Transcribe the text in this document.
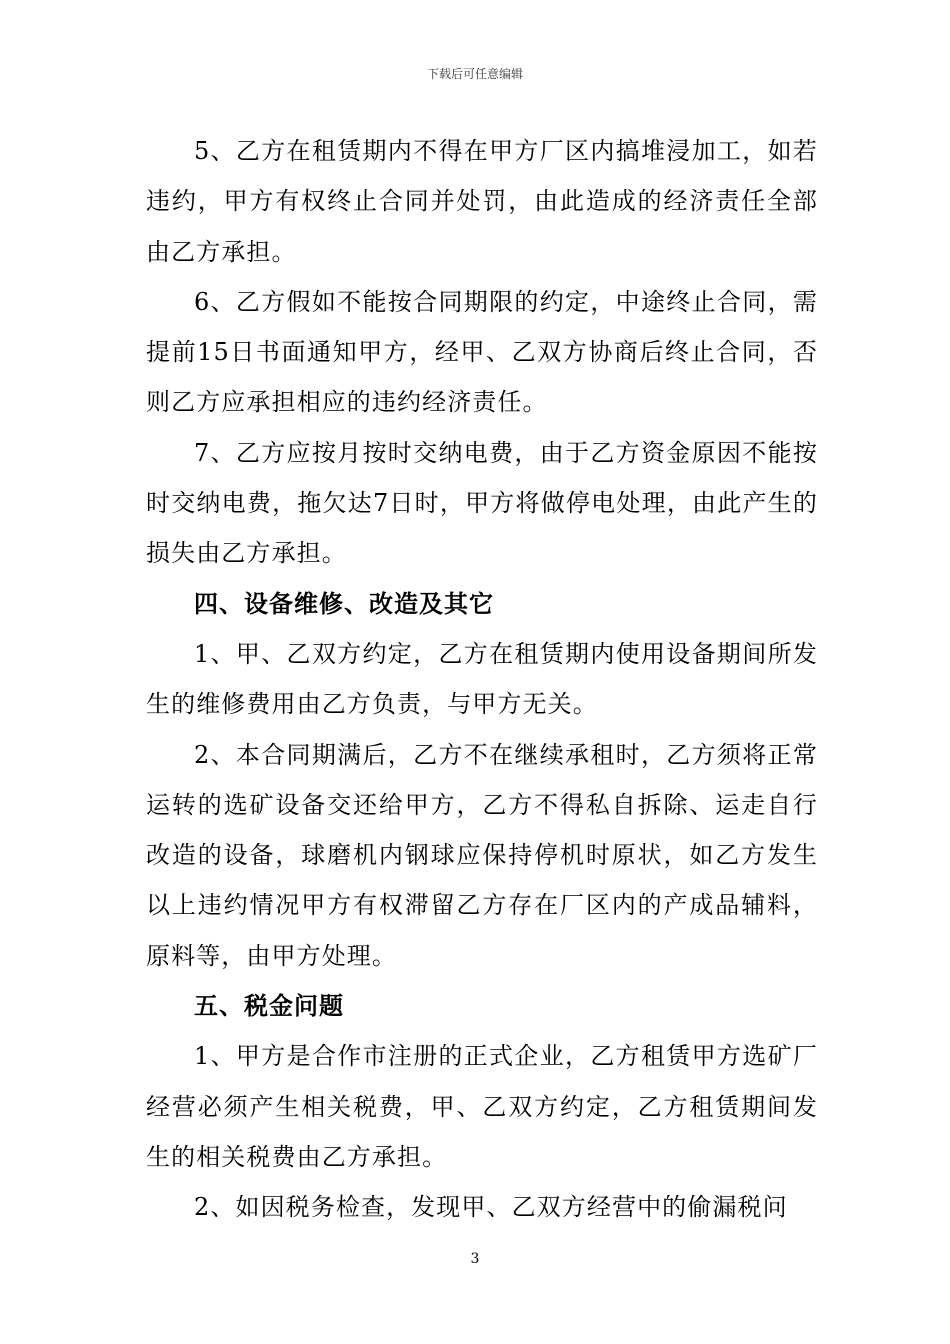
下载后可任意编辑

5、乙方在租赁期内不得在甲方厂区内搞堆浸加工，如若违约，甲方有权终止合同并处罚，由此造成的经济责任全部由乙方承担。

6、乙方假如不能按合同期限的约定，中途终止合同，需提前15日书面通知甲方，经甲、乙双方协商后终止合同，否则乙方应承担相应的违约经济责任。

7、乙方应按月按时交纳电费，由于乙方资金原因不能按时交纳电费，拖欠达7日时，甲方将做停电处理，由此产生的损失由乙方承担。

四、设备维修、改造及其它

1、甲、乙双方约定，乙方在租赁期内使用设备期间所发生的维修费用由乙方负责，与甲方无关。

2、本合同期满后，乙方不在继续承租时，乙方须将正常运转的选矿设备交还给甲方，乙方不得私自拆除、运走自行改造的设备，球磨机内钢球应保持停机时原状，如乙方发生以上违约情况甲方有权滞留乙方存在厂区内的产成品辅料，原料等，由甲方处理。

五、税金问题

1、甲方是合作市注册的正式企业，乙方租赁甲方选矿厂经营必须产生相关税费，甲、乙双方约定，乙方租赁期间发生的相关税费由乙方承担。

2、如因税务检查，发现甲、乙双方经营中的偷漏税问

3
